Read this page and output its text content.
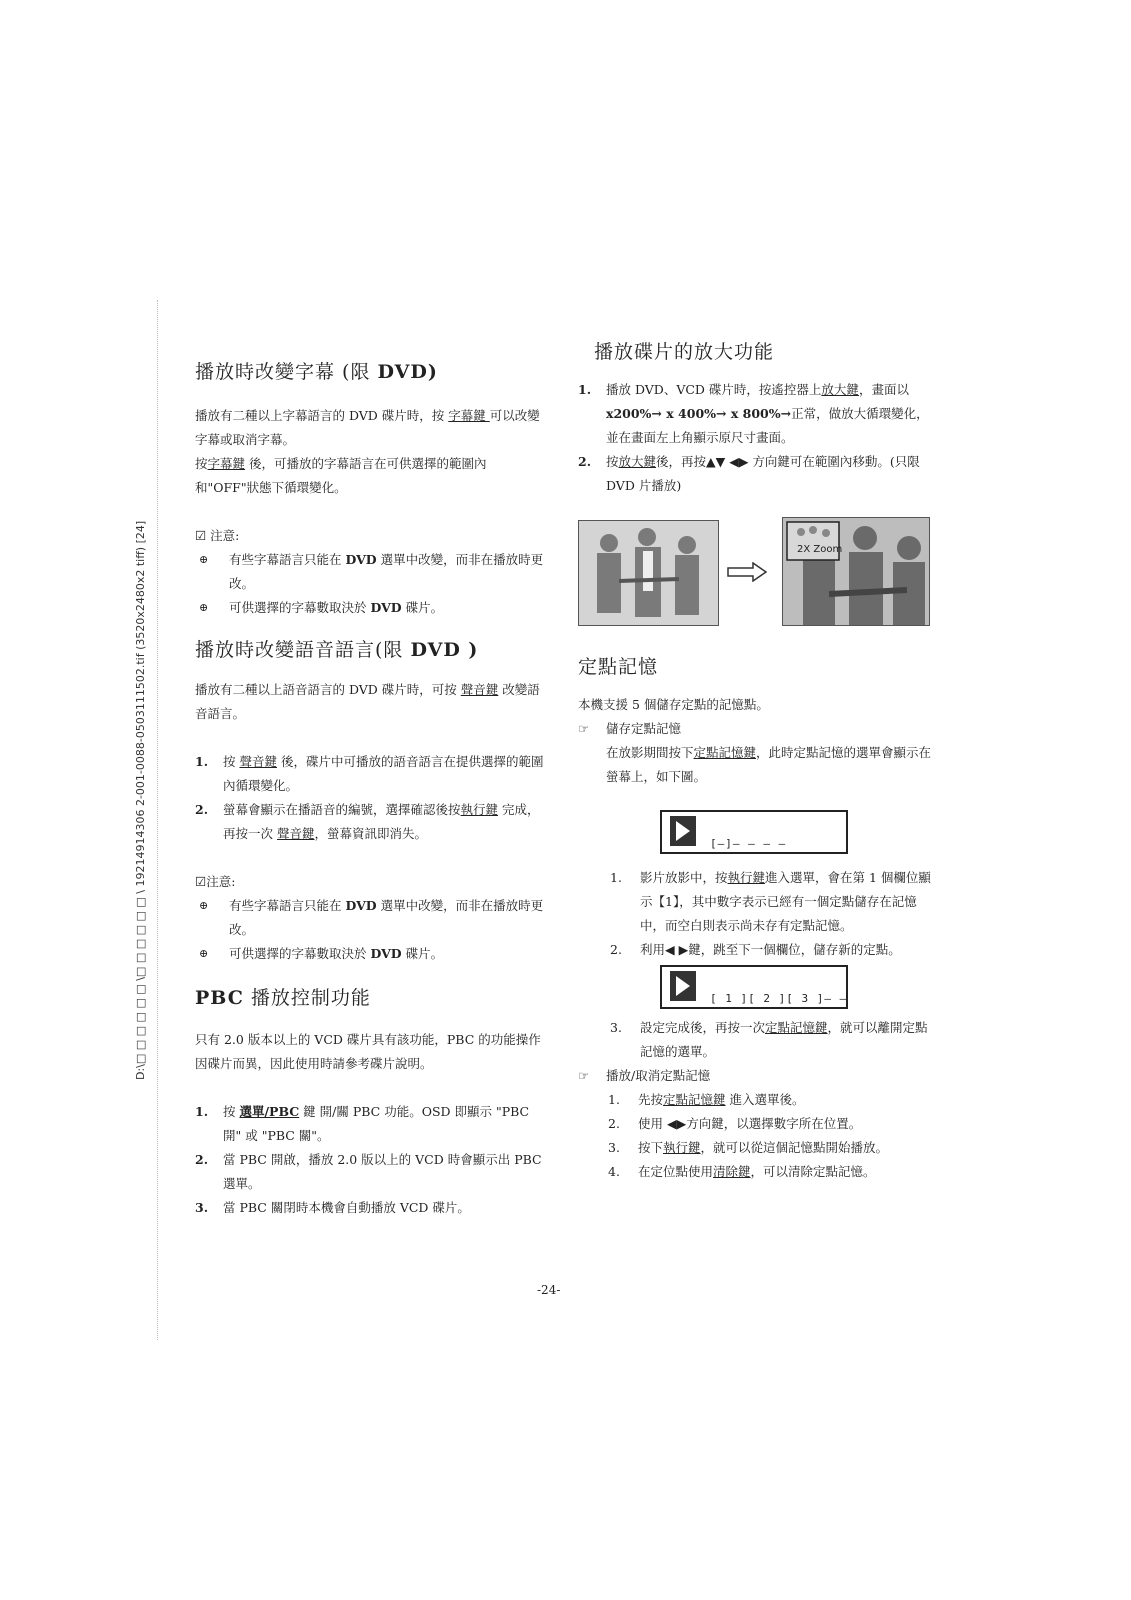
D:\□ □ □ □ □ □ \□ □ □ □ □ □ \ 19214914306 2-001-0088-0503111502.tif (3520x2480x2 tiff) [24]
播放時改變字幕 (限 DVD)

播放有二種以上字幕語言的 DVD 碟片時，按 字幕鍵 可以改變字幕或取消字幕。

按字幕鍵 後，可播放的字幕語言在可供選擇的範圍內和"OFF"狀態下循環變化。

☑ 注意:

⊕ 有些字幕語言只能在 DVD 選單中改變，而非在播放時更改。
⊕ 可供選擇的字幕數取決於 DVD 碟片。
播放時改變語音語言(限 DVD )

播放有二種以上語音語言的 DVD 碟片時，可按 聲音鍵 改變語音語言。

1. 按 聲音鍵 後，碟片中可播放的語音語言在提供選擇的範圍內循環變化。
2. 螢幕會顯示在播語音的編號，選擇確認後按執行鍵 完成，再按一次 聲音鍵，螢幕資訊即消失。

☑注意:

⊕ 有些字幕語言只能在 DVD 選單中改變，而非在播放時更改。
⊕ 可供選擇的字幕數取決於 DVD 碟片。
PBC 播放控制功能

只有 2.0 版本以上的 VCD 碟片具有該功能，PBC 的功能操作因碟片而異，因此使用時請參考碟片說明。

1. 按 選單/PBC 鍵 開/關 PBC 功能。OSD 即顯示 "PBC 開" 或 "PBC 關"。
2. 當 PBC 開啟，播放 2.0 版以上的 VCD 時會顯示出 PBC 選單。
3. 當 PBC 關閉時本機會自動播放 VCD 碟片。
播放碟片的放大功能
1. 播放 DVD、VCD 碟片時，按遙控器上放大鍵，畫面以 x200%→ x 400%→ x 800%→正常，做放大循環變化，並在畫面左上角顯示原尺寸畫面。
2. 按放大鍵後，再按▲▼ ◀▶ 方向鍵可在範圍內移動。(只限 DVD 片播放)
2X Zoom
定點記憶

本機支援 5 個儲存定點的記憶點。

☞ 儲存定點記憶

在放影期間按下定點記憶鍵，此時定點記憶的選單會顯示在螢幕上，如下圖。

[—]— — — —
1. 影片放影中，按執行鍵進入選單，會在第 1 個欄位顯示【1】，其中數字表示已經有一個定點儲存在記憶中，而空白則表示尚未存有定點記憶。
2. 利用◀ ▶鍵，跳至下一個欄位，儲存新的定點。
[ 1 ][ 2 ][ 3 ]— —
3. 設定完成後，再按一次定點記憶鍵，就可以離開定點記憶的選單。
☞ 播放/取消定點記憶
1. 先按定點記憶鍵 進入選單後。
2. 使用 ◀▶方向鍵，以選擇數字所在位置。
3. 按下執行鍵，就可以從這個記憶點開始播放。
4. 在定位點使用清除鍵，可以清除定點記憶。
-24-
